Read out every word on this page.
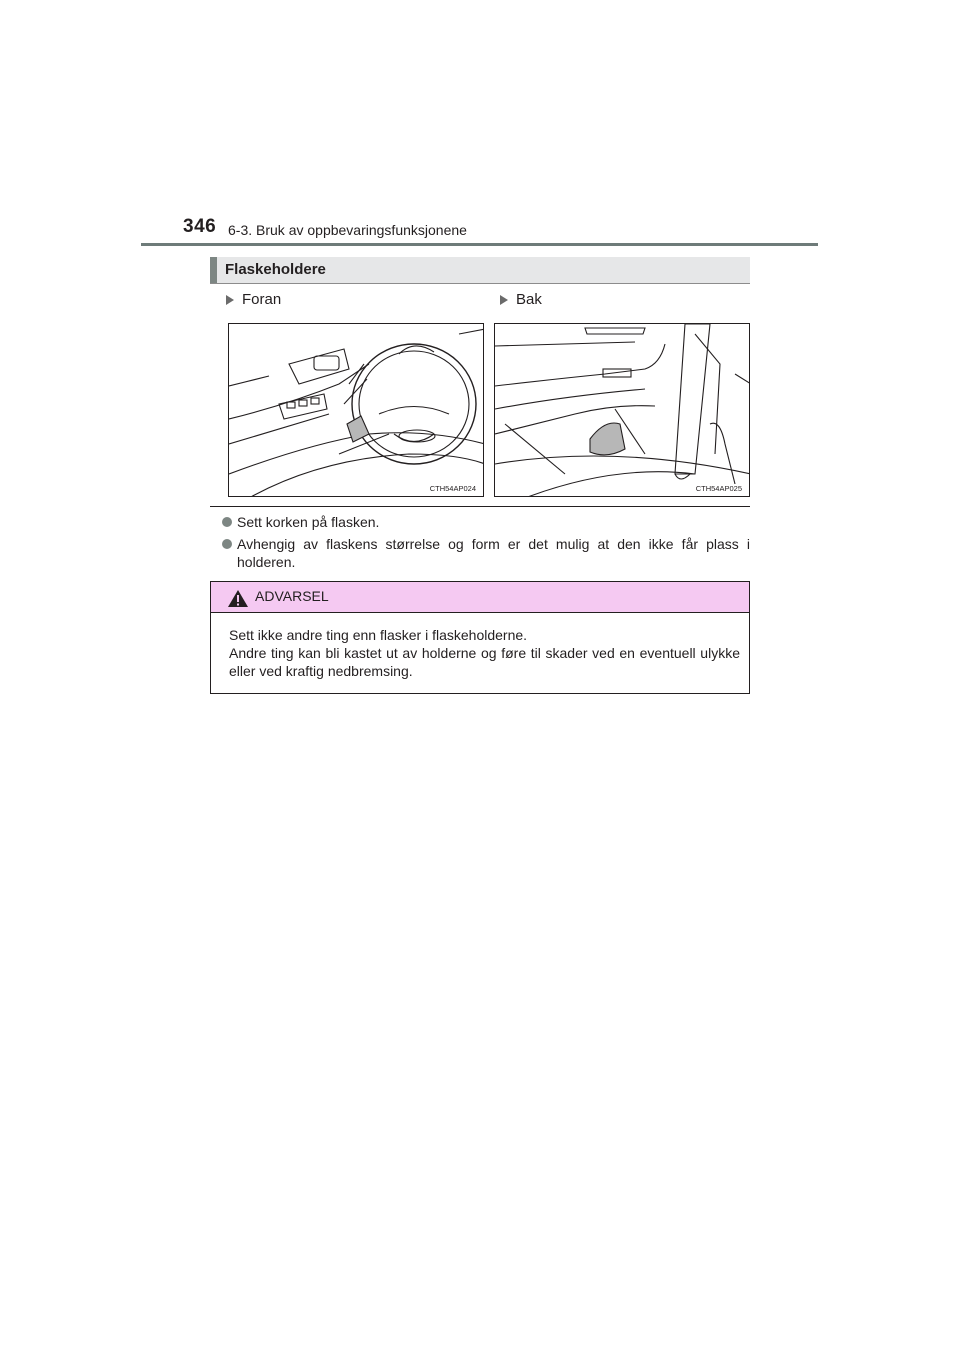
346 6-3. Bruk av oppbevaringsfunksjonene
Flaskeholdere
Foran	Bak
CTH54AP024	CTH54AP025
Sett korken på flasken.
Avhengig av flaskens størrelse og form er det mulig at den ikke får plass i holderen.
ADVARSEL

Sett ikke andre ting enn flasker i flaskeholderne.

Andre ting kan bli kastet ut av holderne og føre til skader ved en eventuell ulykke eller ved kraftig nedbremsing.
